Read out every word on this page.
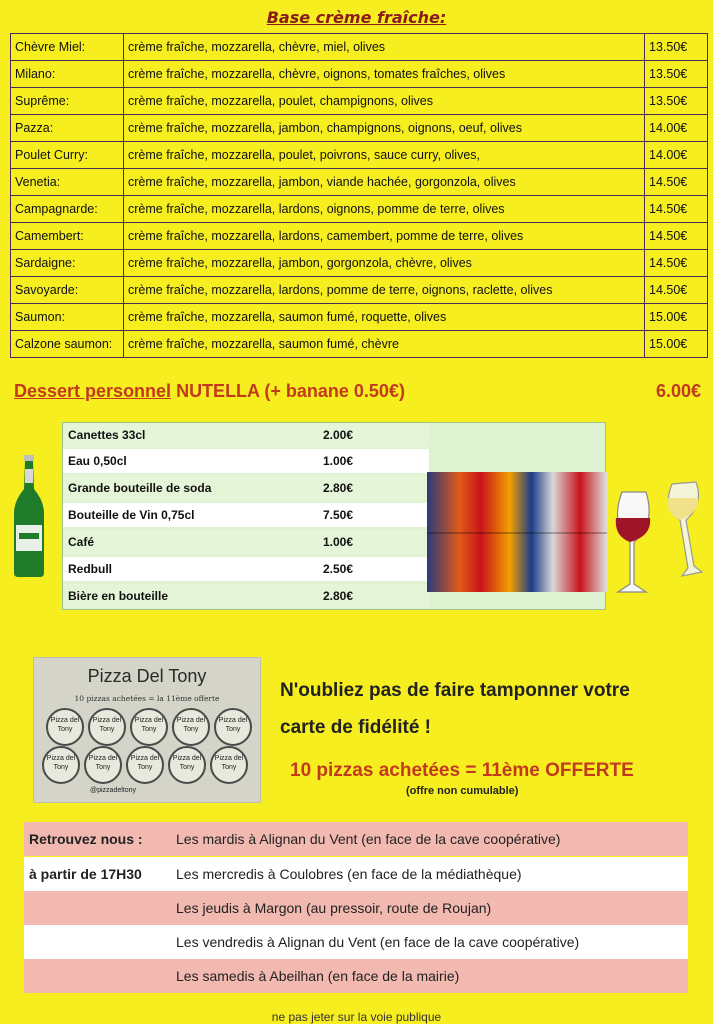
Base crème fraîche:
Chèvre Miel:	crème fraîche, mozzarella, chèvre, miel, olives	13.50€
Milano:	crème fraîche, mozzarella, chèvre, oignons, tomates fraîches, olives	13.50€
Suprême:	crème fraîche, mozzarella, poulet, champignons, olives	13.50€
Pazza:	crème fraîche, mozzarella, jambon, champignons, oignons, oeuf, olives	14.00€
Poulet Curry:	crème fraîche, mozzarella, poulet, poivrons, sauce curry, olives,	14.00€
Venetia:	crème fraîche, mozzarella, jambon, viande hachée, gorgonzola, olives	14.50€
Campagnarde:	crème fraîche, mozzarella, lardons, oignons, pomme de terre, olives	14.50€
Camembert:	crème fraîche, mozzarella, lardons, camembert, pomme de terre, olives	14.50€
Sardaigne:	crème fraîche, mozzarella, jambon, gorgonzola, chèvre, olives	14.50€
Savoyarde:	crème fraîche, mozzarella, lardons, pomme de terre, oignons, raclette, olives	14.50€
Saumon:	crème fraîche, mozzarella, saumon fumé, roquette, olives	15.00€
Calzone saumon:	crème fraîche, mozzarella, saumon fumé, chèvre	15.00€
Dessert personnel NUTELLA (+ banane 0.50€)	6.00€
Canettes 33cl	2.00€
Eau 0,50cl	1.00€
Grande bouteille de soda	2.80€
Bouteille de Vin 0,75cl	7.50€
Café	1.00€
Redbull	2.50€
Bière en bouteille	2.80€
Pizza Del Tony
10 pizzas achetées = la 11ème offerte
Pizza del Tony
Pizza del Tony
Pizza del Tony
Pizza del Tony
Pizza del Tony
Pizza del Tony
Pizza del Tony
Pizza del Tony
Pizza del Tony
Pizza del Tony
@pizzadeltony
N'oubliez pas de faire tamponner votre
carte de fidélité !
10 pizzas achetées = 11ème OFFERTE
(offre non cumulable)
Retrouvez nous : Les mardis à Alignan du Vent (en face de la cave coopérative)
à partir de 17H30 Les mercredis à Coulobres (en face de la médiathèque)
Les jeudis à Margon (au pressoir, route de Roujan)
Les vendredis à Alignan du Vent (en face de la cave coopérative)
Les samedis à Abeilhan (en face de la mairie)
ne pas jeter sur la voie publique
